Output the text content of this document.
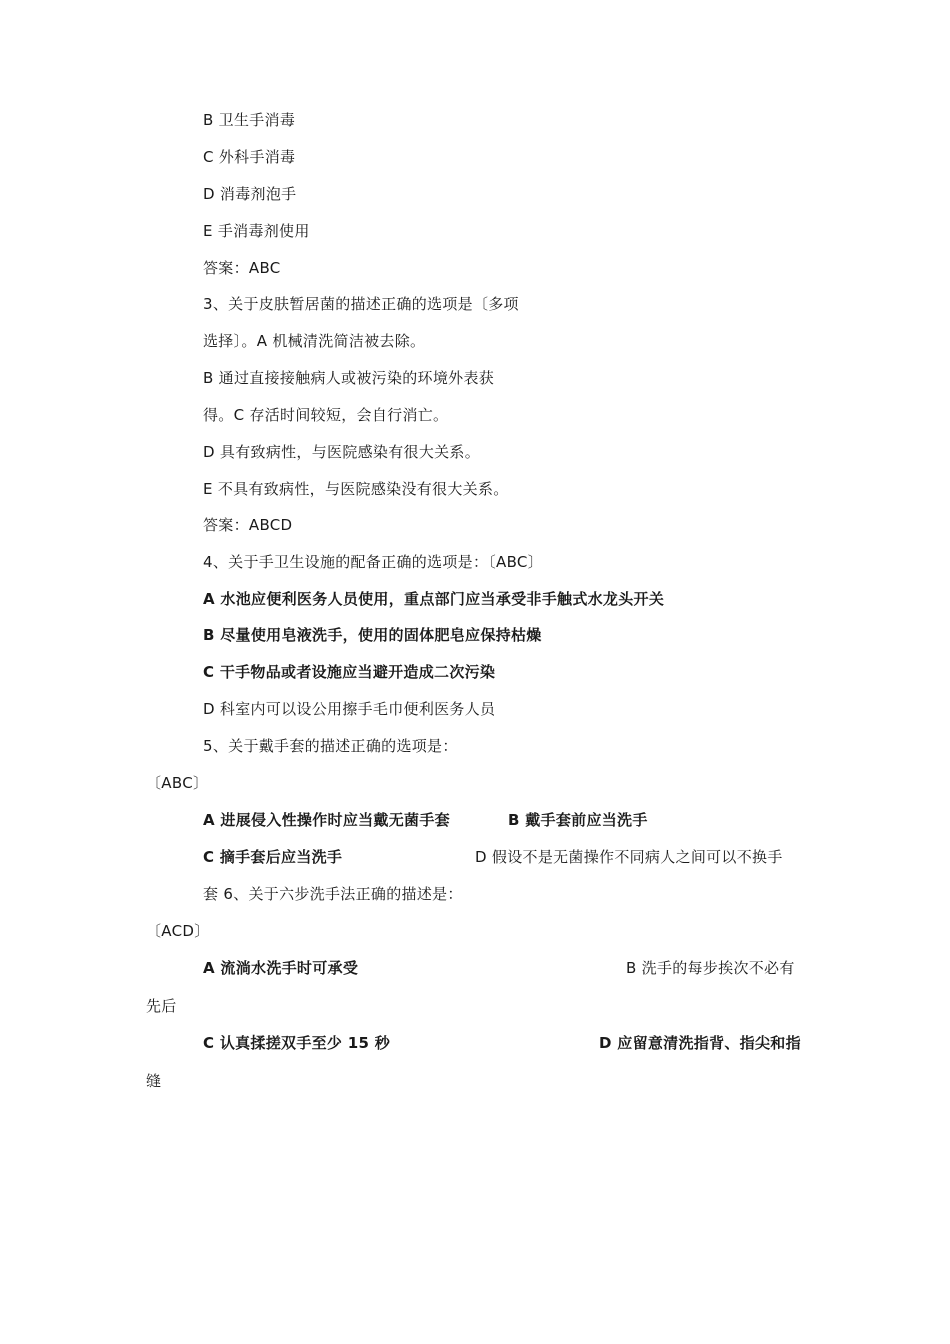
B 卫生手消毒
C 外科手消毒
D 消毒剂泡手
E 手消毒剂使用
答案：ABC
3、关于皮肤暂居菌的描述正确的选项是〔多项
选择〕。A 机械清洗简洁被去除。
B 通过直接接触病人或被污染的环境外表获
得。C 存活时间较短，会自行消亡。
D 具有致病性，与医院感染有很大关系。
E 不具有致病性，与医院感染没有很大关系。
答案：ABCD
4、关于手卫生设施的配备正确的选项是：〔ABC〕
A 水池应便利医务人员使用，重点部门应当承受非手触式水龙头开关
B 尽量使用皂液洗手，使用的固体肥皂应保持枯燥
C 干手物品或者设施应当避开造成二次污染
D 科室内可以设公用擦手毛巾便利医务人员
5、关于戴手套的描述正确的选项是：
〔ABC〕
A 进展侵入性操作时应当戴无菌手套	B 戴手套前应当洗手
C 摘手套后应当洗手	D 假设不是无菌操作不同病人之间可以不换手
套 6、关于六步洗手法正确的描述是：
〔ACD〕
A 流淌水洗手时可承受	B 洗手的每步挨次不必有
先后
C 认真揉搓双手至少 15 秒	D 应留意清洗指背、指尖和指
缝
